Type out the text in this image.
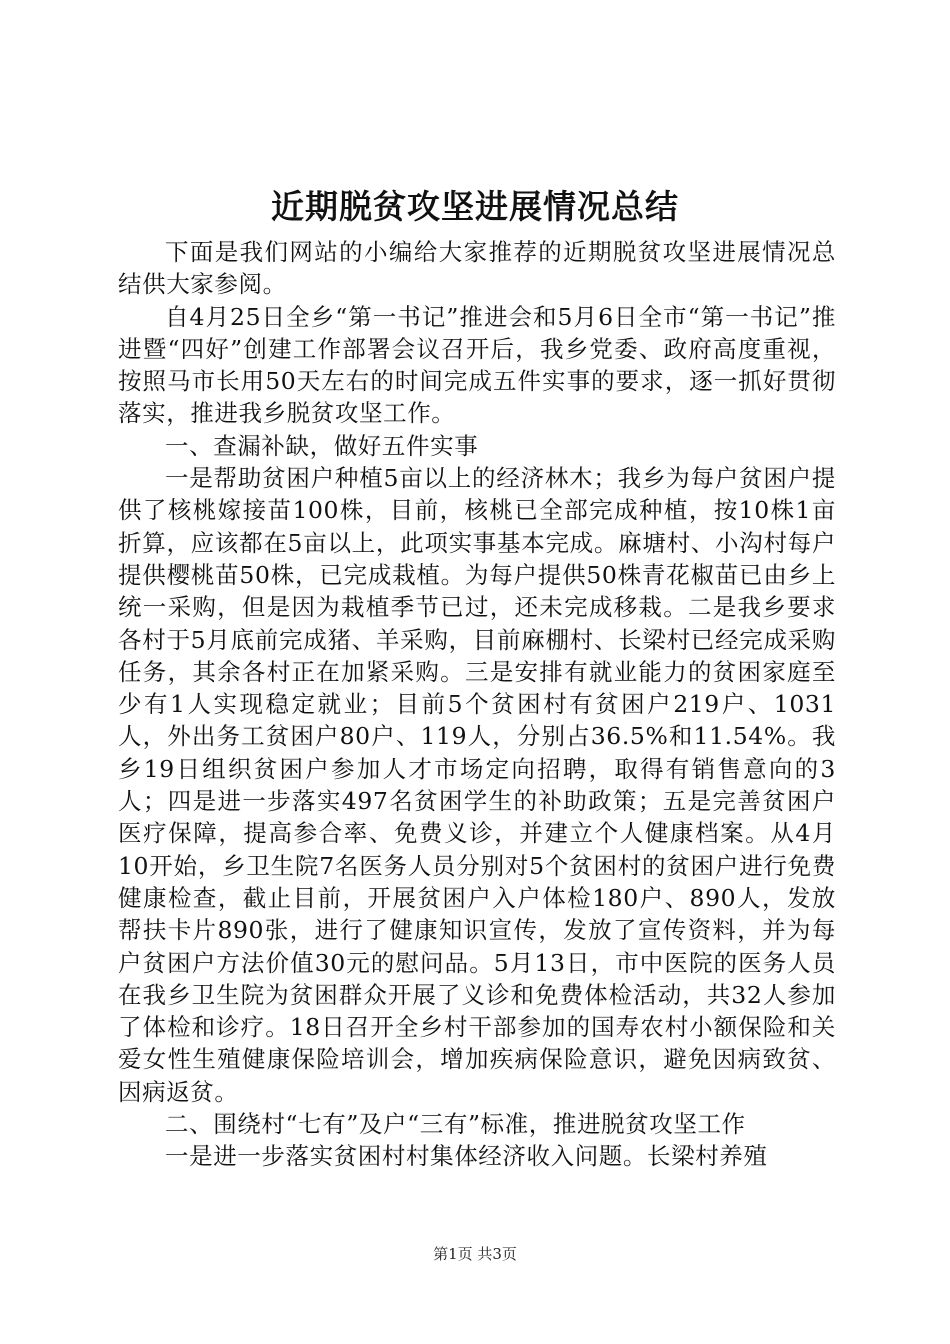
近期脱贫攻坚进展情况总结

下面是我们网站的小编给大家推荐的近期脱贫攻坚进展情况总结供大家参阅。

自4月25日全乡“第一书记”推进会和5月6日全市“第一书记”推进暨“四好”创建工作部署会议召开后，我乡党委、政府高度重视，按照马市长用50天左右的时间完成五件实事的要求，逐一抓好贯彻落实，推进我乡脱贫攻坚工作。

一、查漏补缺，做好五件实事

一是帮助贫困户种植5亩以上的经济林木；我乡为每户贫困户提供了核桃嫁接苗100株，目前，核桃已全部完成种植，按10株1亩折算，应该都在5亩以上，此项实事基本完成。麻塘村、小沟村每户提供樱桃苗50株，已完成栽植。为每户提供50株青花椒苗已由乡上统一采购，但是因为栽植季节已过，还未完成移栽。二是我乡要求各村于5月底前完成猪、羊采购，目前麻棚村、长梁村已经完成采购任务，其余各村正在加紧采购。三是安排有就业能力的贫困家庭至少有1人实现稳定就业；目前5个贫困村有贫困户219户、1031人，外出务工贫困户80户、119人，分别占36.5%和11.54%。我乡19日组织贫困户参加人才市场定向招聘，取得有销售意向的3人；四是进一步落实497名贫困学生的补助政策；五是完善贫困户医疗保障，提高参合率、免费义诊，并建立个人健康档案。从4月10开始，乡卫生院7名医务人员分别对5个贫困村的贫困户进行免费健康检查，截止目前，开展贫困户入户体检180户、890人，发放帮扶卡片890张，进行了健康知识宣传，发放了宣传资料，并为每户贫困户方法价值30元的慰问品。5月13日，市中医院的医务人员在我乡卫生院为贫困群众开展了义诊和免费体检活动，共32人参加了体检和诊疗。18日召开全乡村干部参加的国寿农村小额保险和关爱女性生殖健康保险培训会，增加疾病保险意识，避免因病致贫、因病返贫。

二、围绕村“七有”及户“三有”标准，推进脱贫攻坚工作

一是进一步落实贫困村村集体经济收入问题。长梁村养殖

第1页 共3页
